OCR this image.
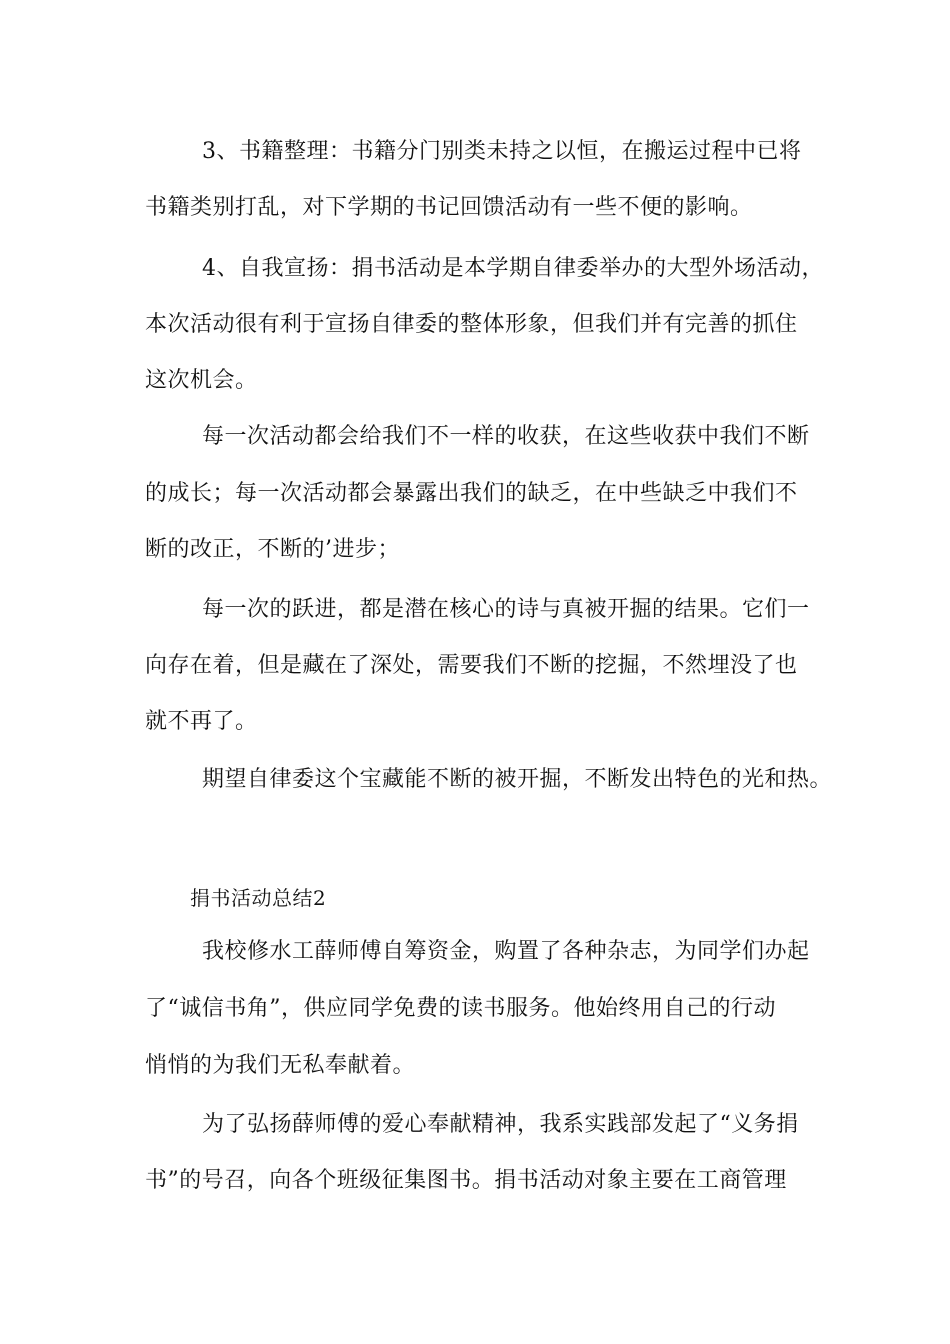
3、书籍整理：书籍分门别类未持之以恒，在搬运过程中已将
书籍类别打乱，对下学期的书记回馈活动有一些不便的影响。
4、自我宣扬：捐书活动是本学期自律委举办的大型外场活动，
本次活动很有利于宣扬自律委的整体形象，但我们并有完善的抓住
这次机会。
每一次活动都会给我们不一样的收获，在这些收获中我们不断
的成长；每一次活动都会暴露出我们的缺乏，在中些缺乏中我们不
断的改正，不断的’进步；
每一次的跃进，都是潜在核心的诗与真被开掘的结果。它们一
向存在着，但是藏在了深处，需要我们不断的挖掘，不然埋没了也
就不再了。
期望自律委这个宝藏能不断的被开掘，不断发出特色的光和热。
捐书活动总结2
我校修水工薛师傅自筹资金，购置了各种杂志，为同学们办起
了“诚信书角”，供应同学免费的读书服务。他始终用自己的行动
悄悄的为我们无私奉献着。
为了弘扬薛师傅的爱心奉献精神，我系实践部发起了“义务捐
书”的号召，向各个班级征集图书。捐书活动对象主要在工商管理
